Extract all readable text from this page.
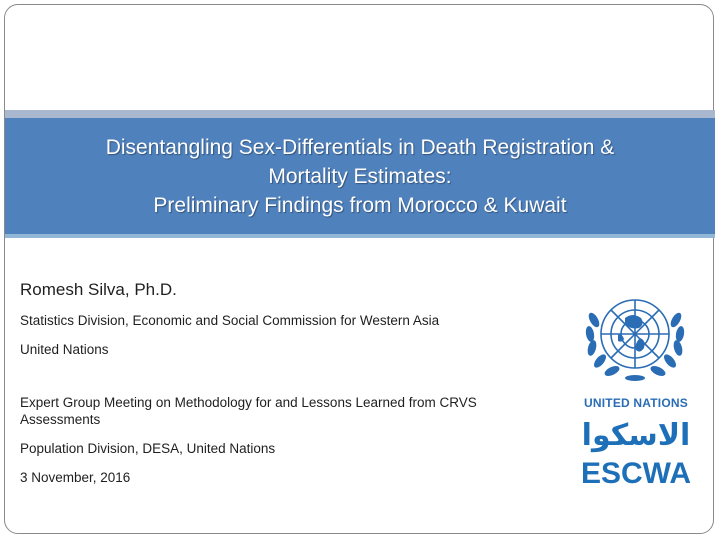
Disentangling Sex-Differentials in Death Registration &
Mortality Estimates:
Preliminary Findings from Morocco & Kuwait
Romesh Silva, Ph.D.
Statistics Division, Economic and Social Commission for Western Asia
United Nations
Expert Group Meeting on Methodology for and Lessons Learned from CRVS Assessments
Population Division, DESA, United Nations
3 November, 2016
UNITED NATIONS
الاسكوا
ESCWA
